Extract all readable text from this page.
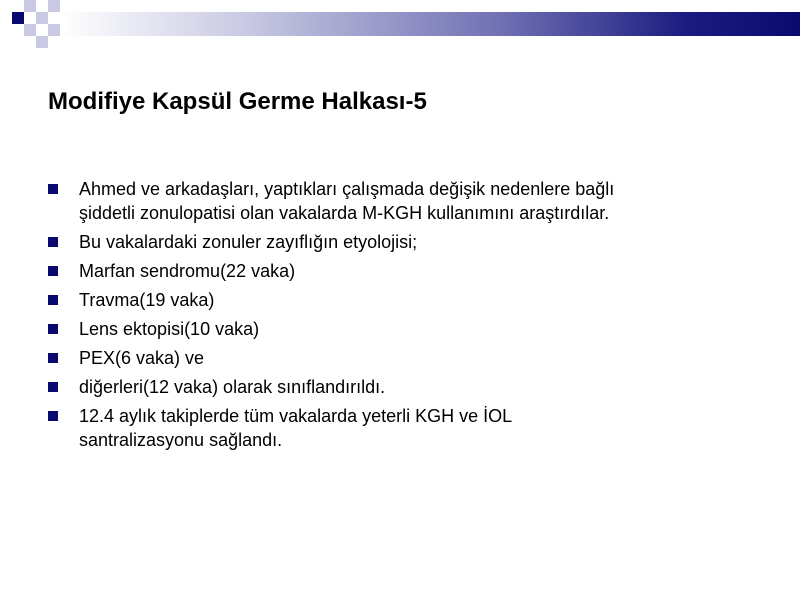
Modifiye Kapsül Germe Halkası-5
Ahmed ve arkadaşları, yaptıkları çalışmada değişik nedenlere bağlı
şiddetli zonulopatisi olan vakalarda M-KGH kullanımını araştırdılar.
Bu vakalardaki zonuler zayıflığın etyolojisi;
Marfan sendromu(22 vaka)
Travma(19 vaka)
Lens ektopisi(10 vaka)
PEX(6 vaka) ve
diğerleri(12 vaka) olarak sınıflandırıldı.
12.4 aylık takiplerde tüm vakalarda yeterli KGH ve İOL
santralizasyonu sağlandı.
